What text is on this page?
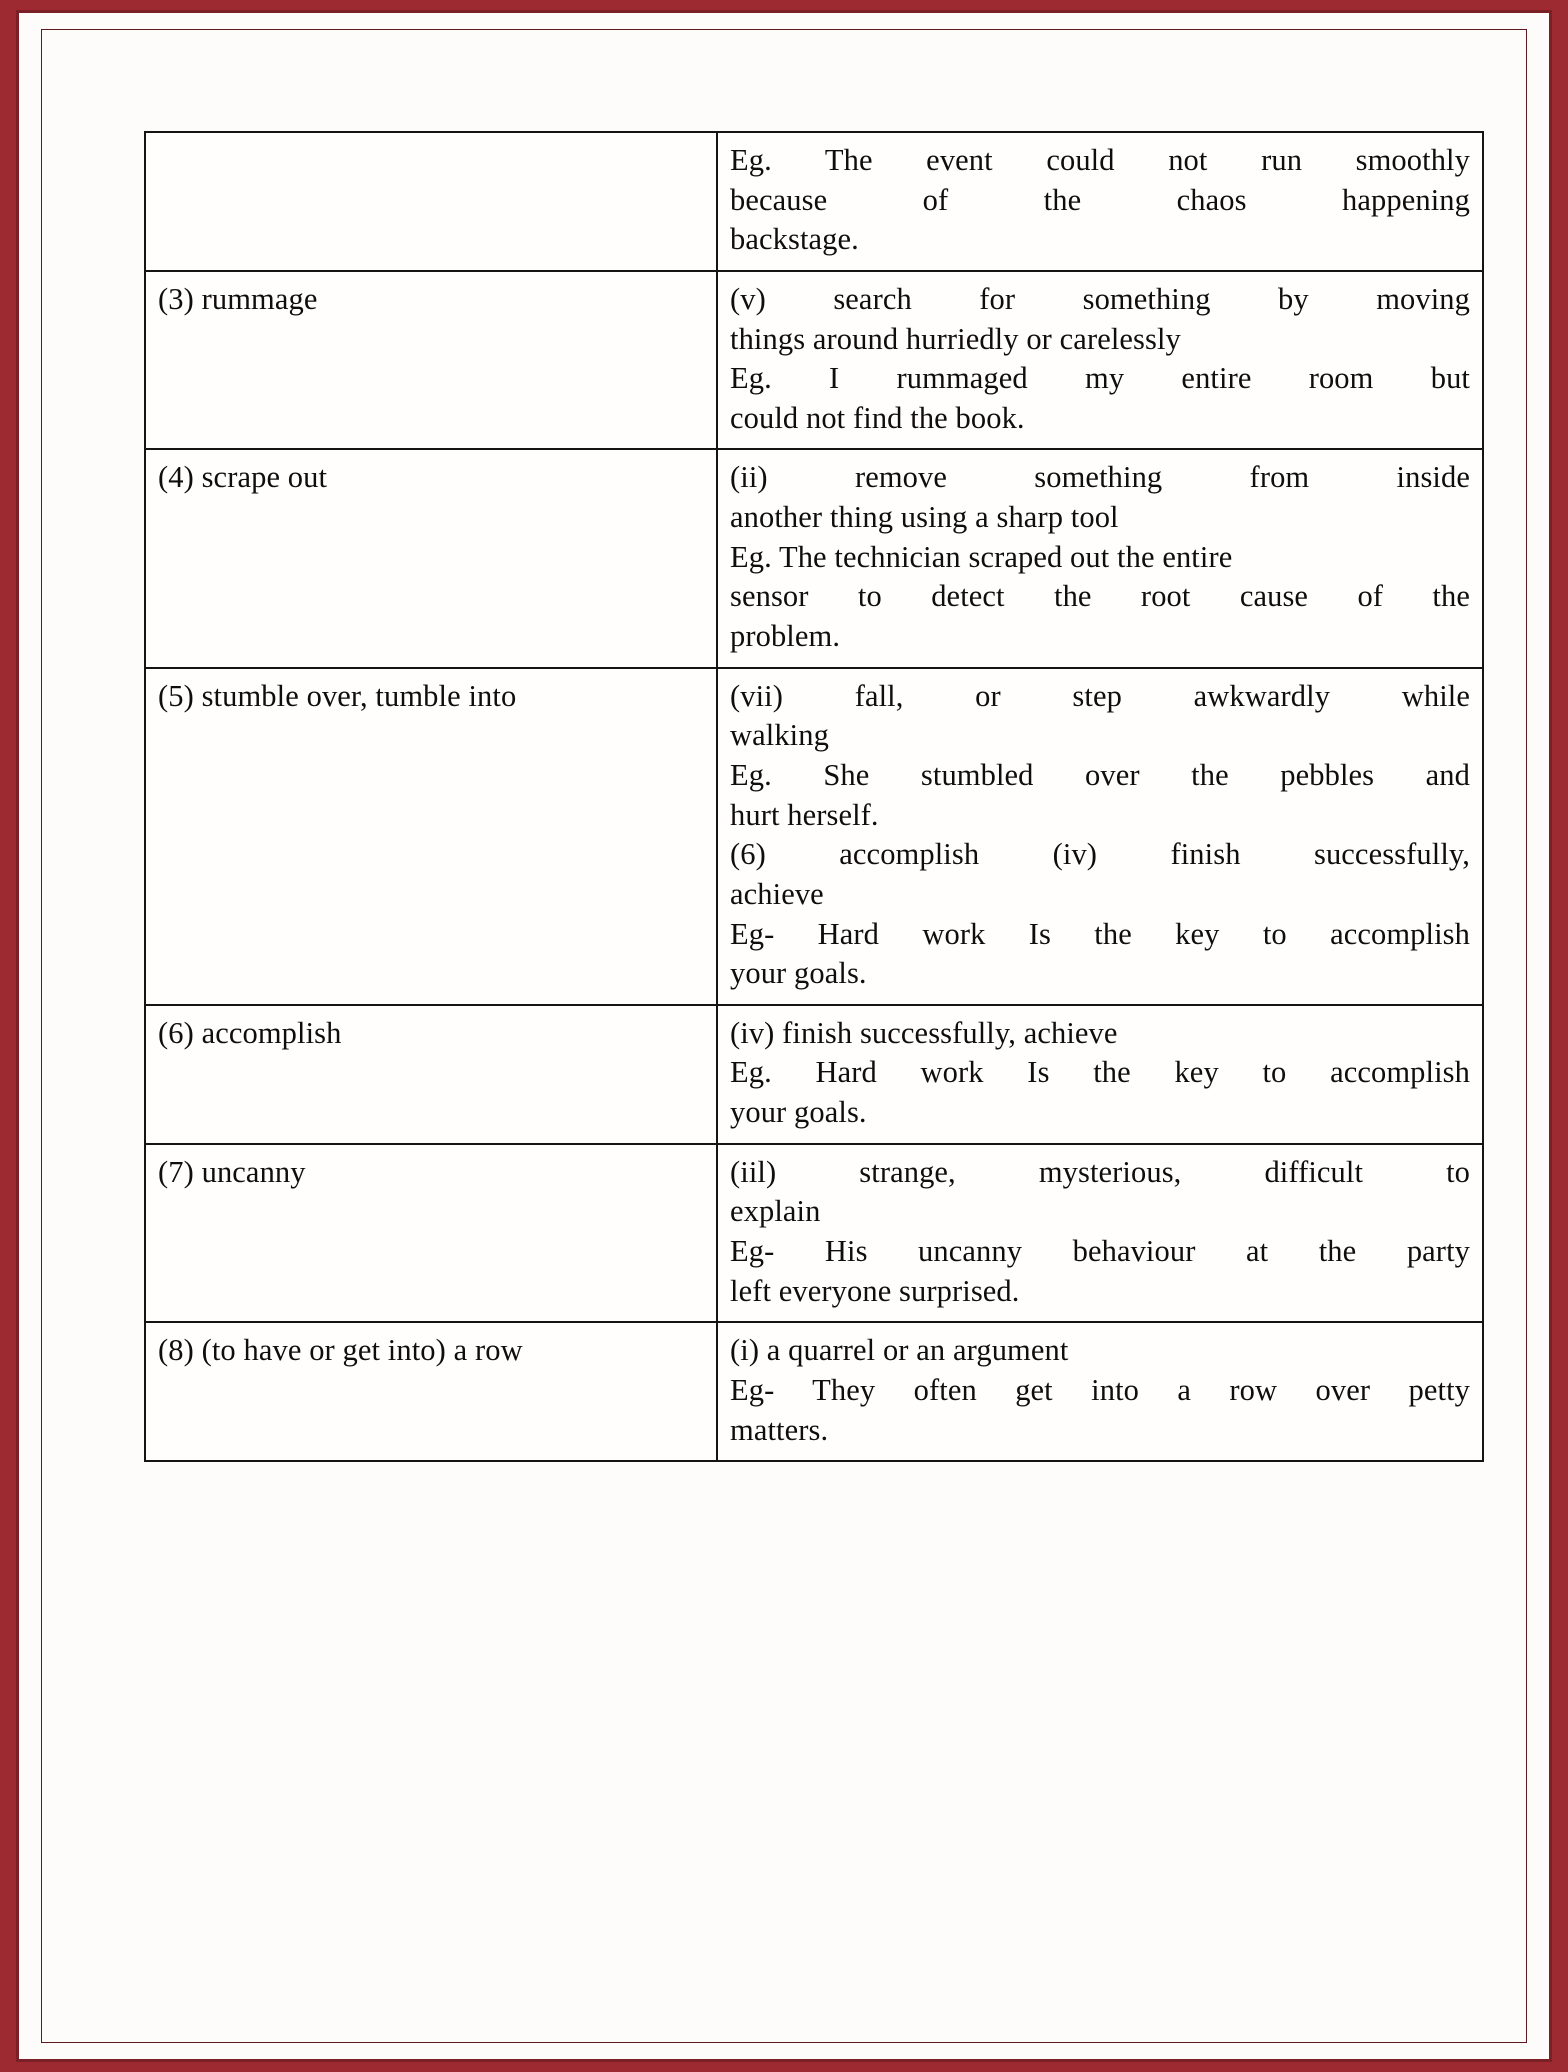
	Eg. The event could not run smoothly
because of the chaos happening
backstage.

(3) rummage	(v) search for something by moving
things around hurriedly or carelessly
Eg. I rummaged my entire room but
could not find the book.

(4) scrape out	(ii) remove something from inside
another thing using a sharp tool
Eg. The technician scraped out the entire
sensor to detect the root cause of the
problem.

(5) stumble over, tumble into	(vii) fall, or step awkwardly while
walking
Eg. She stumbled over the pebbles and
hurt herself.
(6) accomplish (iv) finish successfully,
achieve
Eg- Hard work Is the key to accomplish
your goals.

(6) accomplish	(iv) finish successfully, achieve
Eg. Hard work Is the key to accomplish
your goals.

(7) uncanny	(iil) strange, mysterious, difficult to
explain
Eg- His uncanny behaviour at the party
left everyone surprised.

(8) (to have or get into) a row	(i) a quarrel or an argument
Eg- They often get into a row over petty
matters.
